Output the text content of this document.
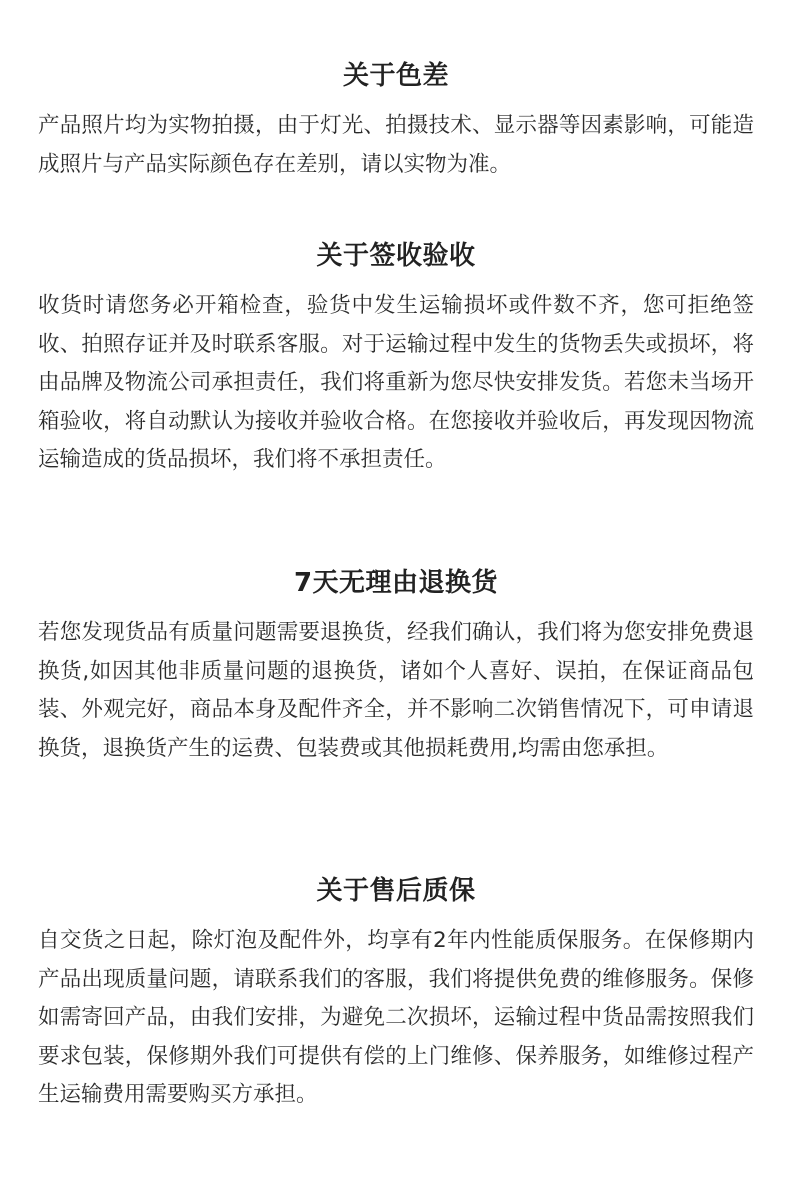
关于色差

产品照片均为实物拍摄，由于灯光、拍摄技术、显示器等因素影响，可能造成照片与产品实际颜色存在差别，请以实物为准。

关于签收验收

收货时请您务必开箱检查，验货中发生运输损坏或件数不齐，您可拒绝签收、拍照存证并及时联系客服。对于运输过程中发生的货物丢失或损坏，将由品牌及物流公司承担责任，我们将重新为您尽快安排发货。若您未当场开箱验收，将自动默认为接收并验收合格。在您接收并验收后，再发现因物流运输造成的货品损坏，我们将不承担责任。

7天无理由退换货

若您发现货品有质量问题需要退换货，经我们确认，我们将为您安排免费退换货,如因其他非质量问题的退换货，诸如个人喜好、误拍，在保证商品包装、外观完好，商品本身及配件齐全，并不影响二次销售情况下，可申请退换货，退换货产生的运费、包装费或其他损耗费用,均需由您承担。

关于售后质保

自交货之日起，除灯泡及配件外，均享有2年内性能质保服务。在保修期内产品出现质量问题，请联系我们的客服，我们将提供免费的维修服务。保修如需寄回产品，由我们安排，为避免二次损坏，运输过程中货品需按照我们要求包装，保修期外我们可提供有偿的上门维修、保养服务，如维修过程产生运输费用需要购买方承担。
